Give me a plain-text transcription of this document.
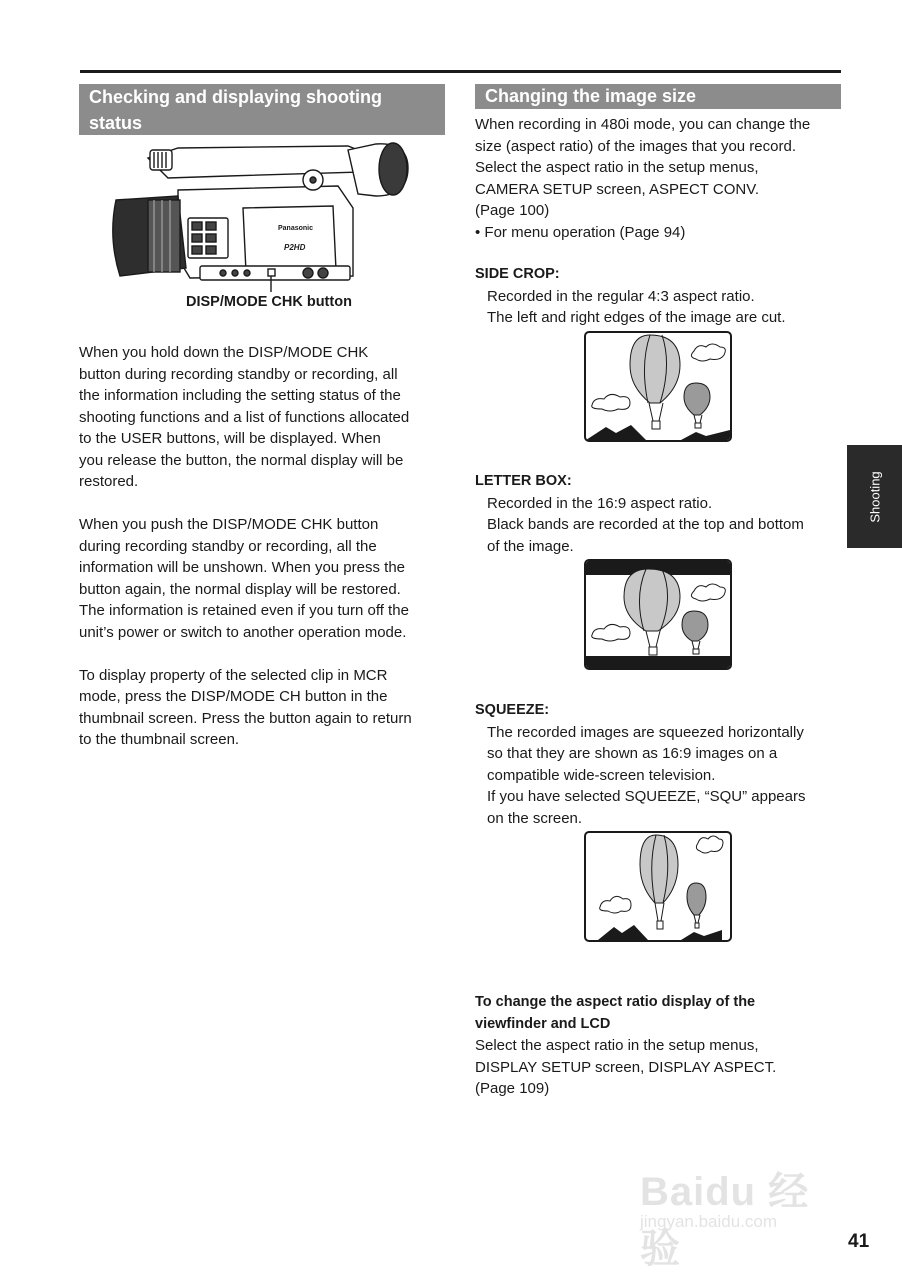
Checking and displaying shooting
status
Panasonic
P2HD
DISP/MODE CHK button

When you hold down the DISP/MODE CHK
button during recording standby or recording, all
the information including the setting status of the
shooting functions and a list of functions allocated
to the USER buttons, will be displayed. When
you release the button, the normal display will be
restored.

When you push the DISP/MODE CHK button
during recording standby or recording, all the
information will be unshown. When you press the
button again, the normal display will be restored.
The information is retained even if you turn off the
unit’s power or switch to another operation mode.

To display property of the selected clip in MCR
mode, press the DISP/MODE CH button in the
thumbnail screen. Press the button again to return
to the thumbnail screen.

Changing the image size

When recording in 480i mode, you can change the
size (aspect ratio) of the images that you record.
Select the aspect ratio in the setup menus,
CAMERA SETUP screen, ASPECT CONV.
(Page 100)

• For menu operation (Page 94)

SIDE CROP:

Recorded in the regular 4:3 aspect ratio.

The left and right edges of the image are cut.

LETTER BOX:

Recorded in the 16:9 aspect ratio.

Black bands are recorded at the top and bottom

of the image.

SQUEEZE:

The recorded images are squeezed horizontally

so that they are shown as 16:9 images on a

compatible wide-screen television.

If you have selected SQUEEZE, “SQU” appears

on the screen.

To change the aspect ratio display of the

viewfinder and LCD

Select the aspect ratio in the setup menus,

DISPLAY SETUP screen, DISPLAY ASPECT.

(Page 109)

Shooting
Baidu 经验
jingyan.baidu.com
41
